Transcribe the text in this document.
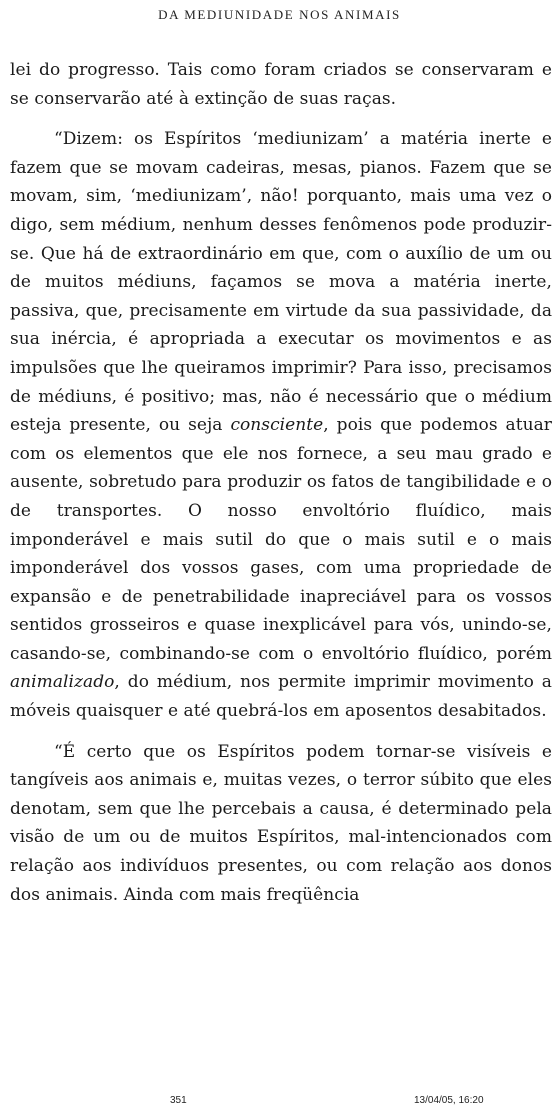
DA MEDIUNIDADE NOS ANIMAIS

lei do progresso. Tais como foram criados se conservaram e se conservarão até à extinção de suas raças.

“Dizem: os Espíritos ‘mediunizam’ a matéria inerte e fazem que se movam cadeiras, mesas, pianos. Fazem que se movam, sim, ‘mediunizam’, não! porquanto, mais uma vez o digo, sem médium, nenhum desses fenômenos pode produzir-se. Que há de extraordinário em que, com o auxílio de um ou de muitos médiuns, façamos se mova a matéria inerte, passiva, que, precisamente em virtude da sua passividade, da sua inércia, é apropriada a executar os movimentos e as impulsões que lhe queiramos imprimir? Para isso, precisamos de médiuns, é positivo; mas, não é necessário que o médium esteja presente, ou seja consciente, pois que podemos atuar com os elementos que ele nos fornece, a seu mau grado e ausente, sobretudo para produzir os fatos de tangibilidade e o de transportes. O nosso envoltório fluídico, mais imponderável e mais sutil do que o mais sutil e o mais imponderável dos vossos gases, com uma propriedade de expansão e de penetrabilidade inapreciável para os vossos sentidos grosseiros e quase inexplicável para vós, unindo-se, casando-se, combinando-se com o envoltório fluídico, porém animalizado, do médium, nos permite imprimir movimento a móveis quaisquer e até quebrá-los em aposentos desabitados.

“É certo que os Espíritos podem tornar-se visíveis e tangíveis aos animais e, muitas vezes, o terror súbito que eles denotam, sem que lhe percebais a causa, é determinado pela visão de um ou de muitos Espíritos, mal-intencionados com relação aos indivíduos presentes, ou com relação aos donos dos animais. Ainda com mais freqüência

351	13/04/05, 16:20
